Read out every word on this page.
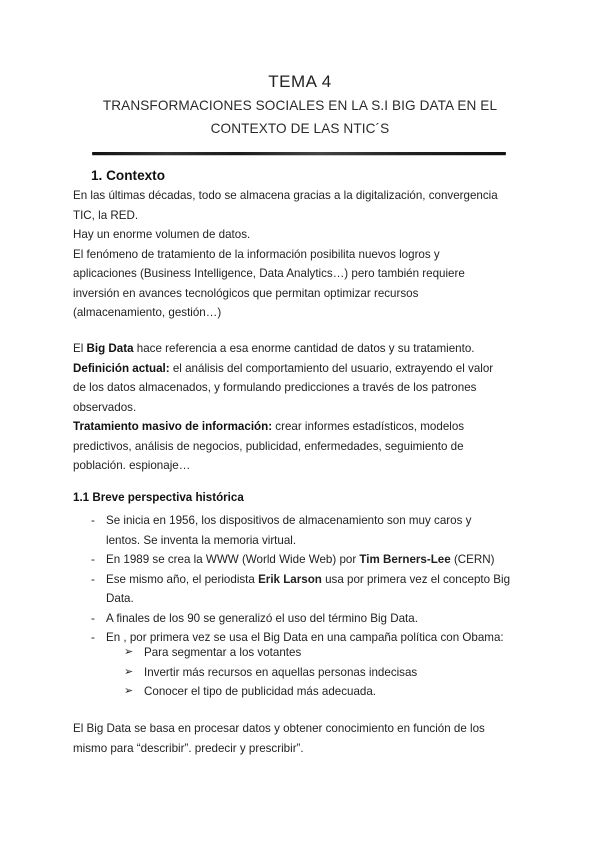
TEMA 4
TRANSFORMACIONES SOCIALES EN LA S.I BIG DATA EN EL
CONTEXTO DE LAS NTIC´S
1. Contexto
En las últimas décadas, todo se almacena gracias a la digitalización, convergencia
TIC, la RED.
Hay un enorme volumen de datos.
El fenómeno de tratamiento de la información posibilita nuevos logros y
aplicaciones (Business Intelligence, Data Analytics…) pero también requiere
inversión en avances tecnológicos que permitan optimizar recursos
(almacenamiento, gestión…)
El Big Data hace referencia a esa enorme cantidad de datos y su tratamiento.
Definición actual: el análisis del comportamiento del usuario, extrayendo el valor
de los datos almacenados, y formulando predicciones a través de los patrones
observados.
Tratamiento masivo de información: crear informes estadísticos, modelos
predictivos, análisis de negocios, publicidad, enfermedades, seguimiento de
población. espionaje…
1.1 Breve perspectiva histórica
- Se inicia en 1956, los dispositivos de almacenamiento son muy caros y
lentos. Se inventa la memoria virtual.
- En 1989 se crea la WWW (World Wide Web) por Tim Berners-Lee (CERN)
- Ese mismo año, el periodista Erik Larson usa por primera vez el concepto Big
Data.
- A finales de los 90 se generalizó el uso del término Big Data.
- En , por primera vez se usa el Big Data en una campaña política con Obama:
➢ Para segmentar a los votantes
➢ Invertir más recursos en aquellas personas indecisas
➢ Conocer el tipo de publicidad más adecuada.
El Big Data se basa en procesar datos y obtener conocimiento en función de los
mismo para “describir”. predecir y prescribir”.
